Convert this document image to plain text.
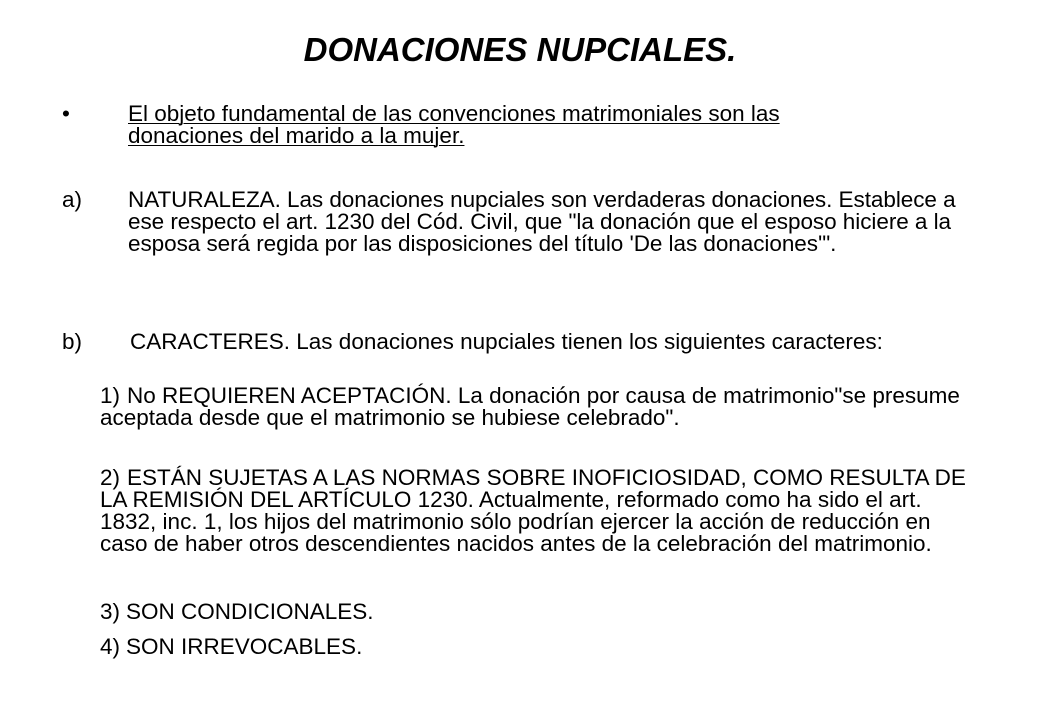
DONACIONES NUPCIALES.
•	El objeto fundamental de las convenciones matrimoniales son las donaciones del marido a la mujer.
a) NATURALEZA. Las donaciones nupciales son verdaderas donaciones. Establece a ese respecto el art. 1230 del Cód. Civil, que "la donación que el esposo hiciere a la esposa será regida por las disposiciones del título 'De las donaciones'".
b) CARACTERES. Las donaciones nupciales tienen los siguientes caracteres:
1) No REQUIEREN ACEPTACIÓN. La donación por causa de matrimonio"se presume aceptada desde que el matrimonio se hubiese celebrado".
2) ESTÁN SUJETAS A LAS NORMAS SOBRE INOFICIOSIDAD, COMO RESULTA DE LA REMISIÓN DEL ARTÍCULO 1230. Actualmente, reformado como ha sido el art. 1832, inc. 1, los hijos del matrimonio sólo podrían ejercer la acción de reducción en caso de haber otros descendientes nacidos antes de la celebración del matrimonio.
3) SON CONDICIONALES.
4) SON IRREVOCABLES.
